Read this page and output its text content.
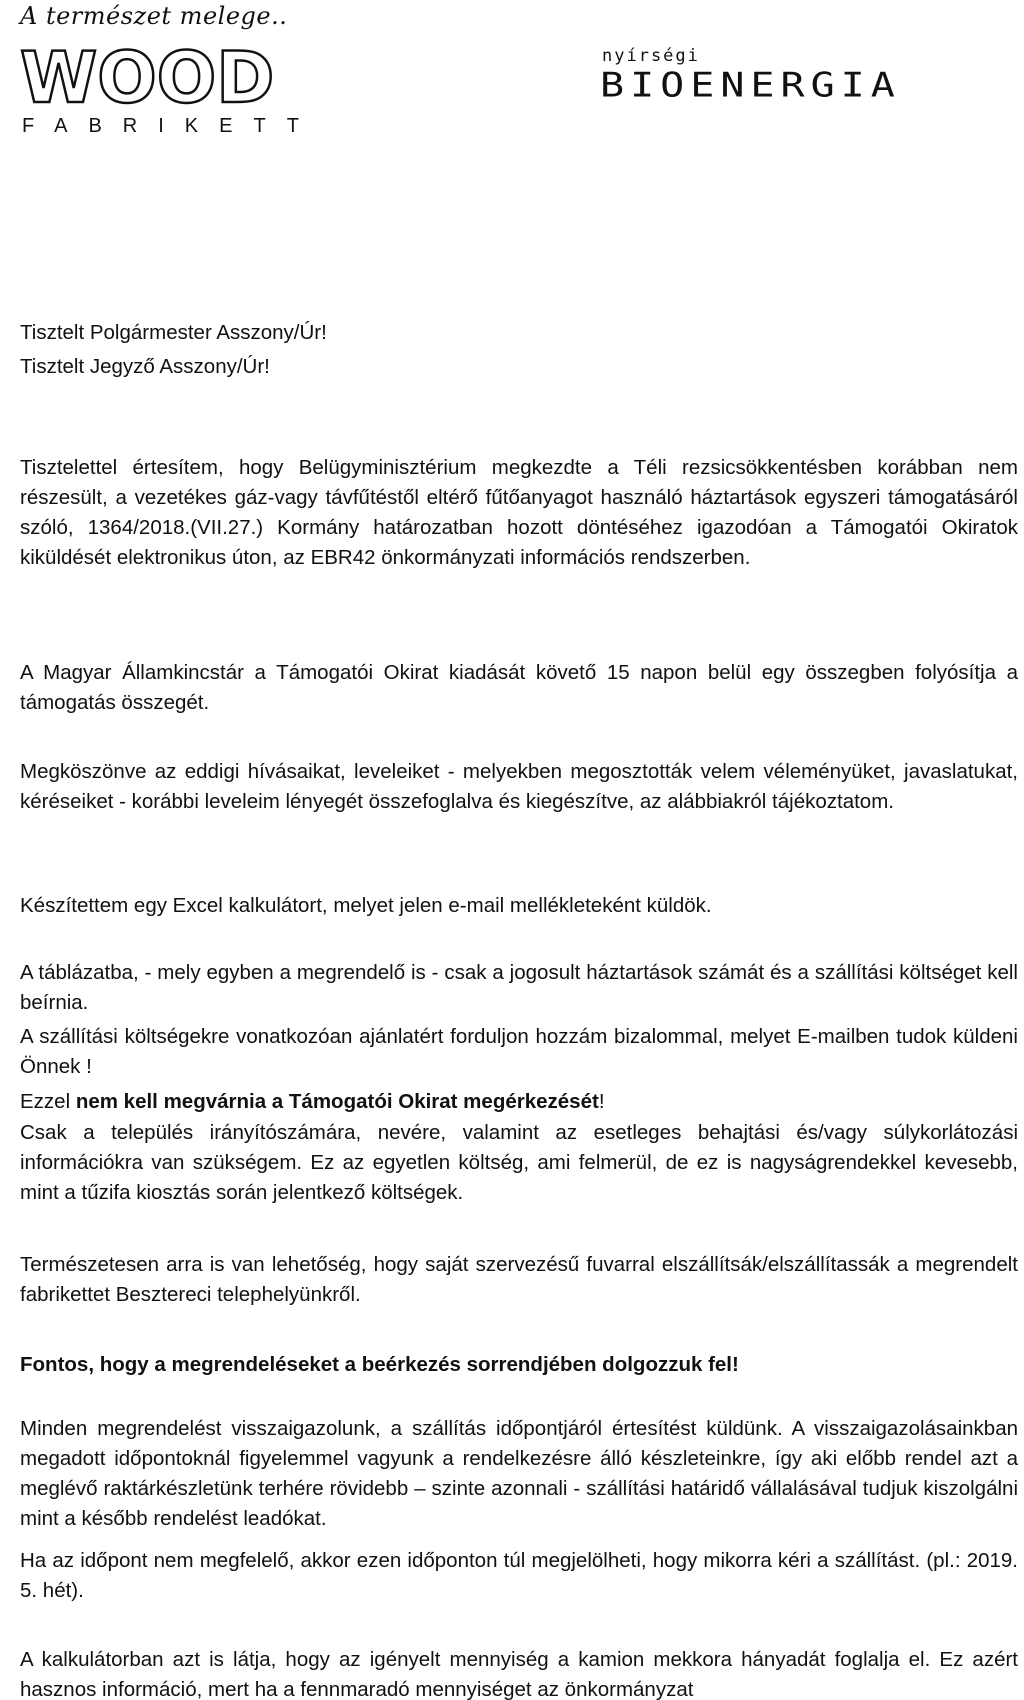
A természet melege..
W O O D
FABRIKETT
nyírségi
BIOENERGIA
Tisztelt Polgármester Asszony/Úr!
Tisztelt Jegyző Asszony/Úr!
Tisztelettel értesítem, hogy Belügyminisztérium megkezdte a Téli rezsicsökkentésben korábban nem részesült, a vezetékes gáz-vagy távfűtéstől eltérő fűtőanyagot használó háztartások egyszeri támogatásáról szóló, 1364/2018.(VII.27.) Kormány határozatban hozott döntéséhez igazodóan a Támogatói Okiratok kiküldését elektronikus úton, az EBR42 önkormányzati információs rendszerben.
A Magyar Államkincstár a Támogatói Okirat kiadását követő 15 napon belül egy összegben folyósítja a támogatás összegét.
Megköszönve az eddigi hívásaikat, leveleiket - melyekben megosztották velem véleményüket, javaslatukat, kéréseiket - korábbi leveleim lényegét összefoglalva és kiegészítve, az alábbiakról tájékoztatom.
Készítettem egy Excel kalkulátort, melyet jelen e-mail mellékleteként küldök.
A táblázatba, - mely egyben a megrendelő is - csak a jogosult háztartások számát és a szállítási költséget kell beírnia.
A szállítási költségekre vonatkozóan ajánlatért forduljon hozzám bizalommal, melyet E-mailben tudok küldeni Önnek !
Ezzel nem kell megvárnia a Támogatói Okirat megérkezését!
Csak a település irányítószámára, nevére, valamint az esetleges behajtási és/vagy súlykorlátozási információkra van szükségem. Ez az egyetlen költség, ami felmerül, de ez is nagyságrendekkel kevesebb, mint a tűzifa kiosztás során jelentkező költségek.
Természetesen arra is van lehetőség, hogy saját szervezésű fuvarral elszállítsák/elszállítassák a megrendelt fabrikettet Besztereci telephelyünkről.
Fontos, hogy a megrendeléseket a beérkezés sorrendjében dolgozzuk fel!
Minden megrendelést visszaigazolunk, a szállítás időpontjáról értesítést küldünk. A visszaigazolásainkban megadott időpontoknál figyelemmel vagyunk a rendelkezésre álló készleteinkre, így aki előbb rendel azt a meglévő raktárkészletünk terhére rövidebb – szinte azonnali - szállítási határidő vállalásával tudjuk kiszolgálni mint a később rendelést leadókat.
Ha az időpont nem megfelelő, akkor ezen időponton túl megjelölheti, hogy mikorra kéri a szállítást. (pl.: 2019. 5. hét).
A kalkulátorban azt is látja, hogy az igényelt mennyiség a kamion mekkora hányadát foglalja el. Ez azért hasznos információ, mert ha a fennmaradó mennyiséget az önkormányzat
